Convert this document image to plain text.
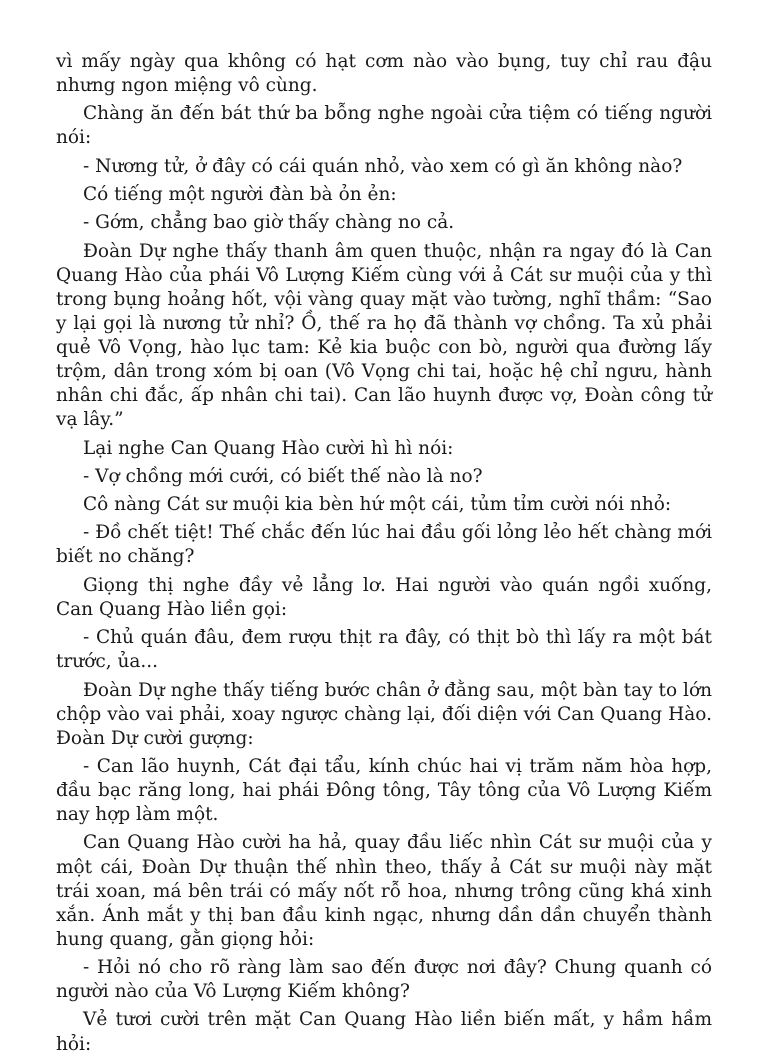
vì mấy ngày qua không có hạt cơm nào vào bụng, tuy chỉ rau đậu nhưng ngon miệng vô cùng.

Chàng ăn đến bát thứ ba bỗng nghe ngoài cửa tiệm có tiếng người nói:

- Nương tử, ở đây có cái quán nhỏ, vào xem có gì ăn không nào?

Có tiếng một người đàn bà ỏn ẻn:

- Gớm, chẳng bao giờ thấy chàng no cả.

Đoàn Dự nghe thấy thanh âm quen thuộc, nhận ra ngay đó là Can Quang Hào của phái Vô Lượng Kiếm cùng với ả Cát sư muội của y thì trong bụng hoảng hốt, vội vàng quay mặt vào tường, nghĩ thầm: “Sao y lại gọi là nương tử nhỉ? Ồ, thế ra họ đã thành vợ chồng. Ta xủ phải quẻ Vô Vọng, hào lục tam: Kẻ kia buộc con bò, người qua đường lấy trộm, dân trong xóm bị oan (Vô Vọng chi tai, hoặc hệ chỉ ngưu, hành nhân chi đắc, ấp nhân chi tai). Can lão huynh được vợ, Đoàn công tử vạ lây.”

Lại nghe Can Quang Hào cười hì hì nói:

- Vợ chồng mới cưới, có biết thế nào là no?

Cô nàng Cát sư muội kia bèn hứ một cái, tủm tỉm cười nói nhỏ:

- Đồ chết tiệt! Thế chắc đến lúc hai đầu gối lỏng lẻo hết chàng mới biết no chăng?

Giọng thị nghe đầy vẻ lẳng lơ. Hai người vào quán ngồi xuống, Can Quang Hào liền gọi:

- Chủ quán đâu, đem rượu thịt ra đây, có thịt bò thì lấy ra một bát trước, ủa...

Đoàn Dự nghe thấy tiếng bước chân ở đằng sau, một bàn tay to lớn chộp vào vai phải, xoay ngược chàng lại, đối diện với Can Quang Hào. Đoàn Dự cười gượng:

- Can lão huynh, Cát đại tẩu, kính chúc hai vị trăm năm hòa hợp, đầu bạc răng long, hai phái Đông tông, Tây tông của Vô Lượng Kiếm nay hợp làm một.

Can Quang Hào cười ha hả, quay đầu liếc nhìn Cát sư muội của y một cái, Đoàn Dự thuận thế nhìn theo, thấy ả Cát sư muội này mặt trái xoan, má bên trái có mấy nốt rỗ hoa, nhưng trông cũng khá xinh xắn. Ánh mắt y thị ban đầu kinh ngạc, nhưng dần dần chuyển thành hung quang, gằn giọng hỏi:

- Hỏi nó cho rõ ràng làm sao đến được nơi đây? Chung quanh có người nào của Vô Lượng Kiếm không?

Vẻ tươi cười trên mặt Can Quang Hào liền biến mất, y hầm hầm hỏi:
